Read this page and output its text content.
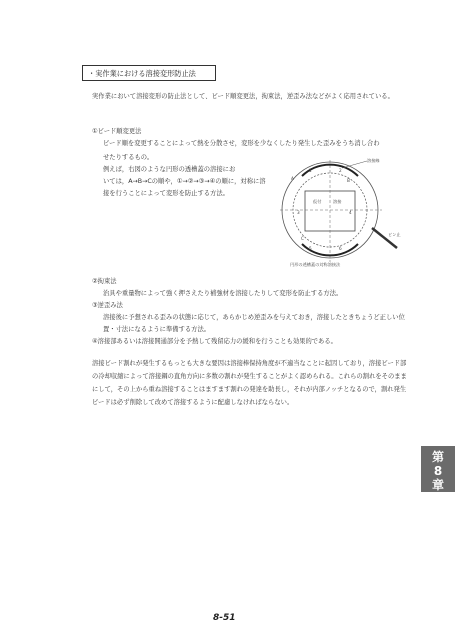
・実作業における溶接変形防止法
実作業において溶接変形の防止法として、ビード順変更法，拘束法，逆歪み法などがよく応用されている。
①ビード順変更法
ビード順を変更することによって熱を分散させ，変形を少なくしたり発生した歪みをうち消し合わ
せたりするもの。
例えば，右図のような円形の透槽蓋の溶接にお
いては，A→B→Cの順や，①→②→③→④の順に，対称に溶接を行うことによって変形を防止する方法。
溶接線
仮付	溶接
ピン止
A	B
C
1	2
3	4
5	6
円形の透槽蓋の対称溶接法
②拘束法
治具や重量物によって強く押さえたり補強材を溶接したりして変形を防止する方法。
③逆歪み法
溶接後に予想される歪みの状態に応じて，あらかじめ逆歪みを与えておき，溶接したときちょうど正しい位置・寸法になるように準備する方法。
④溶接部あるいは溶接開通部分を予熱して残留応力の緩和を行うことも効果的である。
溶接ビード割れが発生するもっとも大きな要因は溶接棒保持角度が不適当なことに起因しており，溶接ビード部の冷却収縮によって溶接鋼の直角方向に多数の割れが発生することがよく認められる。これらの割れをそのままにして，その上から重ね溶接することはますます割れの発達を助長し，それが内部ノッチとなるので，割れ発生ビードは必ず削除して改めて溶接するように配慮しなければならない。
第
8
章
8-51
